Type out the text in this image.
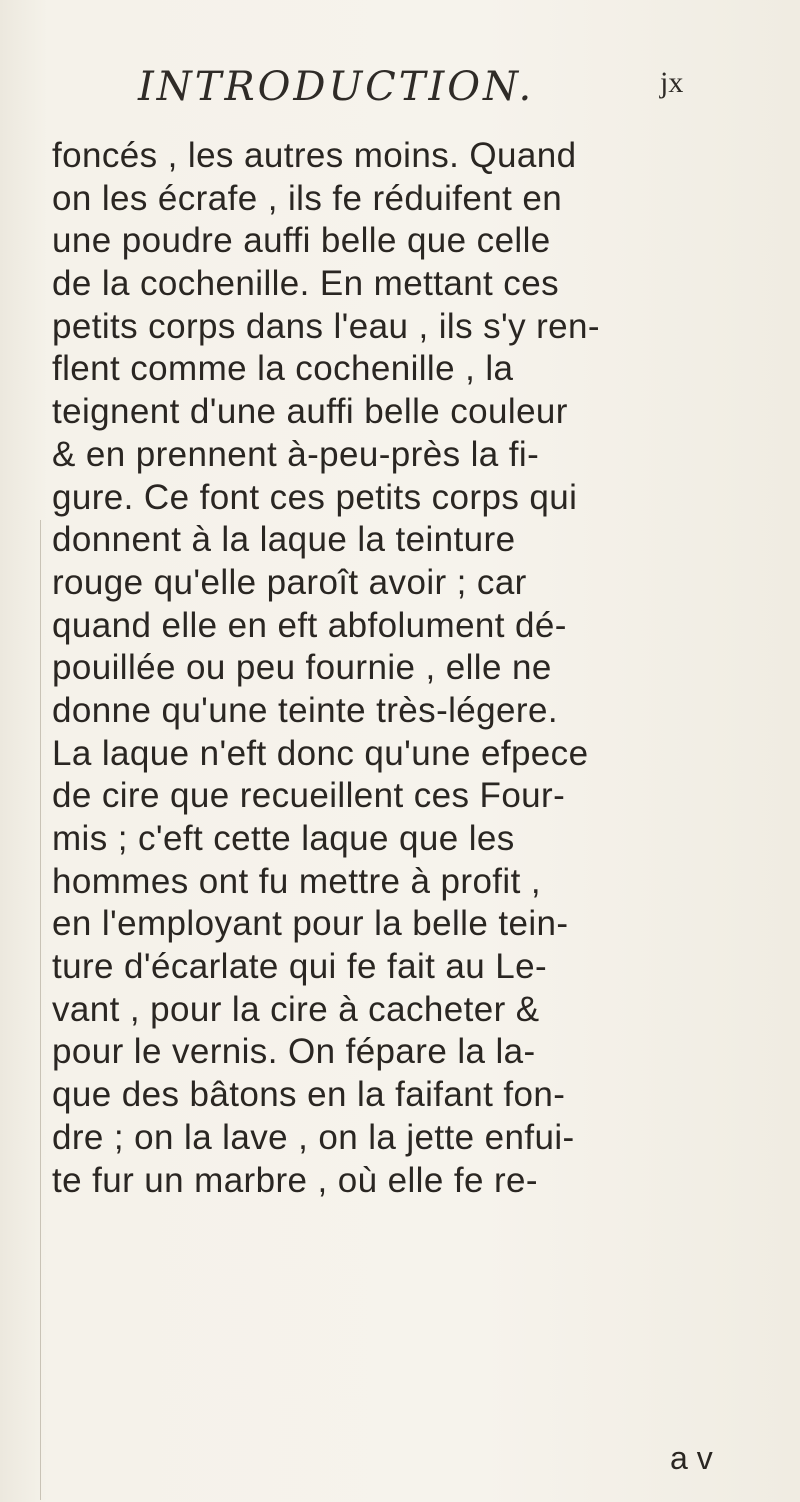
INTRODUCTION.	jx
foncés , les autres moins. Quand
on les écrafe , ils fe réduifent en
une poudre auffi belle que celle
de la cochenille. En mettant ces
petits corps dans l'eau , ils s'y ren-
flent comme la cochenille , la
teignent d'une auffi belle couleur
& en prennent à-peu-près la fi-
gure. Ce font ces petits corps qui
donnent à la laque la teinture
rouge qu'elle paroît avoir ; car
quand elle en eft abfolument dé-
pouillée ou peu fournie , elle ne
donne qu'une teinte très-légere.
La laque n'eft donc qu'une efpece
de cire que recueillent ces Four-
mis ; c'eft cette laque que les
hommes ont fu mettre à profit ,
en l'employant pour la belle tein-
ture d'écarlate qui fe fait au Le-
vant , pour la cire à cacheter &
pour le vernis. On fépare la la-
que des bâtons en la faifant fon-
dre ; on la lave , on la jette enfui-
te fur un marbre , où elle fe re-
a v
